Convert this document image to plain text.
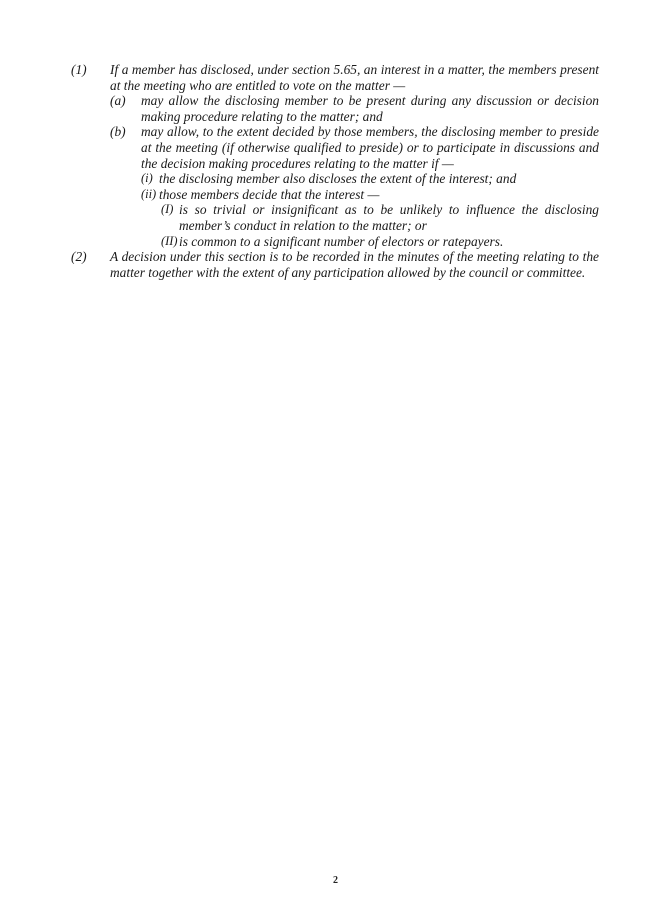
(1) If a member has disclosed, under section 5.65, an interest in a matter, the members present at the meeting who are entitled to vote on the matter —
(a) may allow the disclosing member to be present during any discussion or decision making procedure relating to the matter; and
(b) may allow, to the extent decided by those members, the disclosing member to preside at the meeting (if otherwise qualified to preside) or to participate in discussions and the decision making procedures relating to the matter if —
(i) the disclosing member also discloses the extent of the interest; and
(ii) those members decide that the interest —
(I) is so trivial or insignificant as to be unlikely to influence the disclosing member’s conduct in relation to the matter; or
(II) is common to a significant number of electors or ratepayers.
(2) A decision under this section is to be recorded in the minutes of the meeting relating to the matter together with the extent of any participation allowed by the council or committee.
2
